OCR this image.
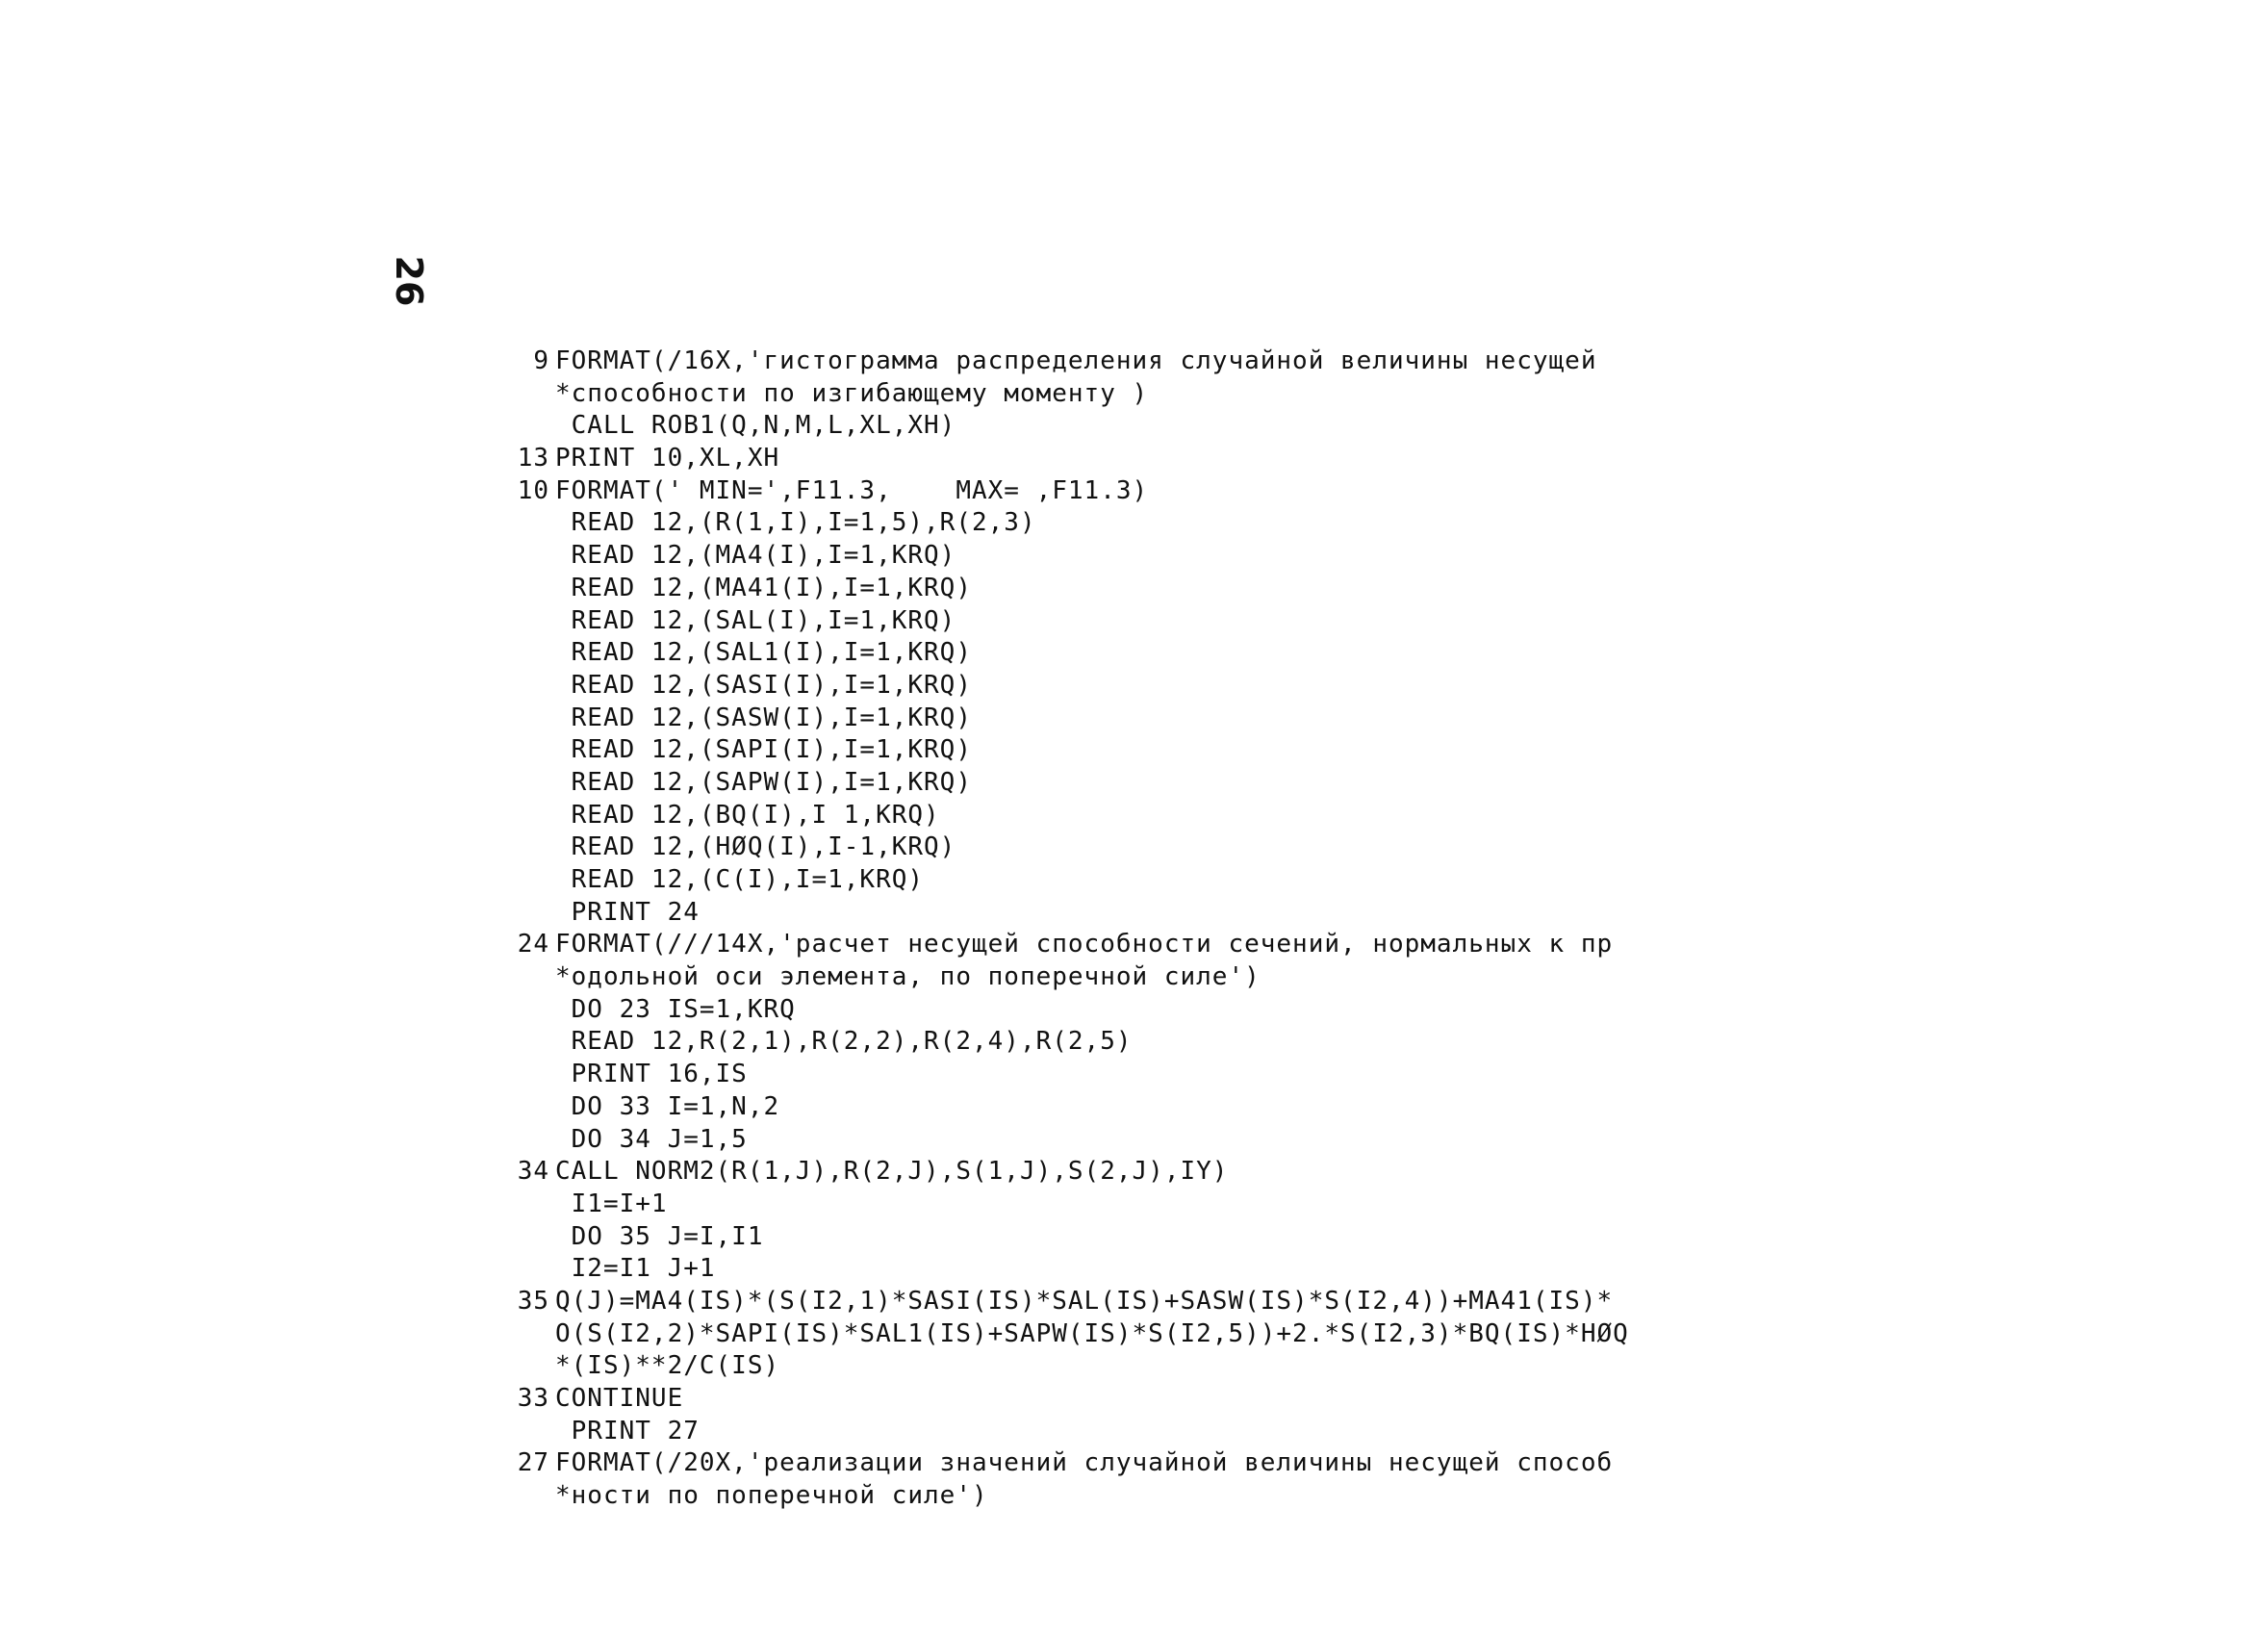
26
9 FORMAT(/16X,'гистограмма распределения случайной величины несущей
*способности по изгибающему моменту )
CALL ROB1(Q,N,M,L,XL,XH)
13 PRINT 10,XL,XH
10 FORMAT(' MIN=',F11.3,    MAX= ,F11.3)
READ 12,(R(1,I),I=1,5),R(2,3)
READ 12,(MA4(I),I=1,KRQ)
READ 12,(MA41(I),I=1,KRQ)
READ 12,(SAL(I),I=1,KRQ)
READ 12,(SAL1(I),I=1,KRQ)
READ 12,(SASI(I),I=1,KRQ)
READ 12,(SASW(I),I=1,KRQ)
READ 12,(SAPI(I),I=1,KRQ)
READ 12,(SAPW(I),I=1,KRQ)
READ 12,(BQ(I),I 1,KRQ)
READ 12,(HØQ(I),I-1,KRQ)
READ 12,(C(I),I=1,KRQ)
PRINT 24
24 FORMAT(///14X,'расчет несущей способности сечений, нормальных к пр
*одольной оси элемента, по поперечной силе')
DO 23 IS=1,KRQ
READ 12,R(2,1),R(2,2),R(2,4),R(2,5)
PRINT 16,IS
DO 33 I=1,N,2
DO 34 J=1,5
34 CALL NORM2(R(1,J),R(2,J),S(1,J),S(2,J),IY)
I1=I+1
DO 35 J=I,I1
I2=I1 J+1
35 Q(J)=MA4(IS)*(S(I2,1)*SASI(IS)*SAL(IS)+SASW(IS)*S(I2,4))+MA41(IS)*
O(S(I2,2)*SAPI(IS)*SAL1(IS)+SAPW(IS)*S(I2,5))+2.*S(I2,3)*BQ(IS)*HØQ
*(IS)**2/C(IS)
33 CONTINUE
PRINT 27
27 FORMAT(/20X,'реализации значений случайной величины несущей способ
*ности по поперечной силе')
